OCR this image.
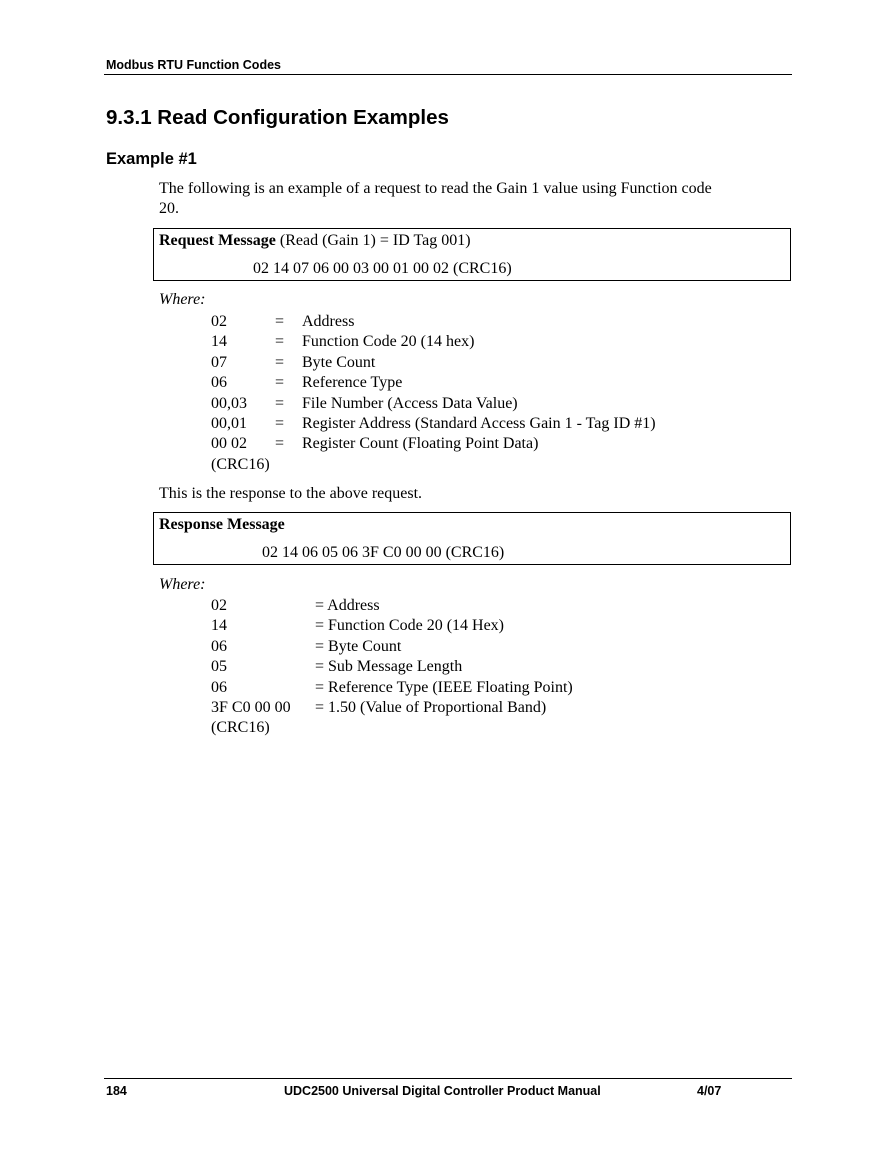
Modbus RTU Function Codes
9.3.1 Read Configuration Examples
Example #1
The following is an example of a request to read the Gain 1 value using Function code
20.
Request Message (Read (Gain 1) = ID Tag 001)
02 14 07 06 00 03 00 01 00 02 (CRC16)
Where:
02	= Address
14	= Function Code 20 (14 hex)
07	= Byte Count
06	= Reference Type
00,03 = File Number (Access Data Value)
00,01 = Register Address (Standard Access Gain 1 - Tag ID #1)
00 02 = Register Count (Floating Point Data)
(CRC16)
This is the response to the above request.
Response Message
02 14 06 05 06 3F C0 00 00 (CRC16)
Where:
02	= Address
14	= Function Code 20 (14 Hex)
06	= Byte Count
05	= Sub Message Length
06	= Reference Type (IEEE Floating Point)
3F C0 00 00 = 1.50 (Value of Proportional Band)
(CRC16)
184	UDC2500 Universal Digital Controller Product Manual	4/07
